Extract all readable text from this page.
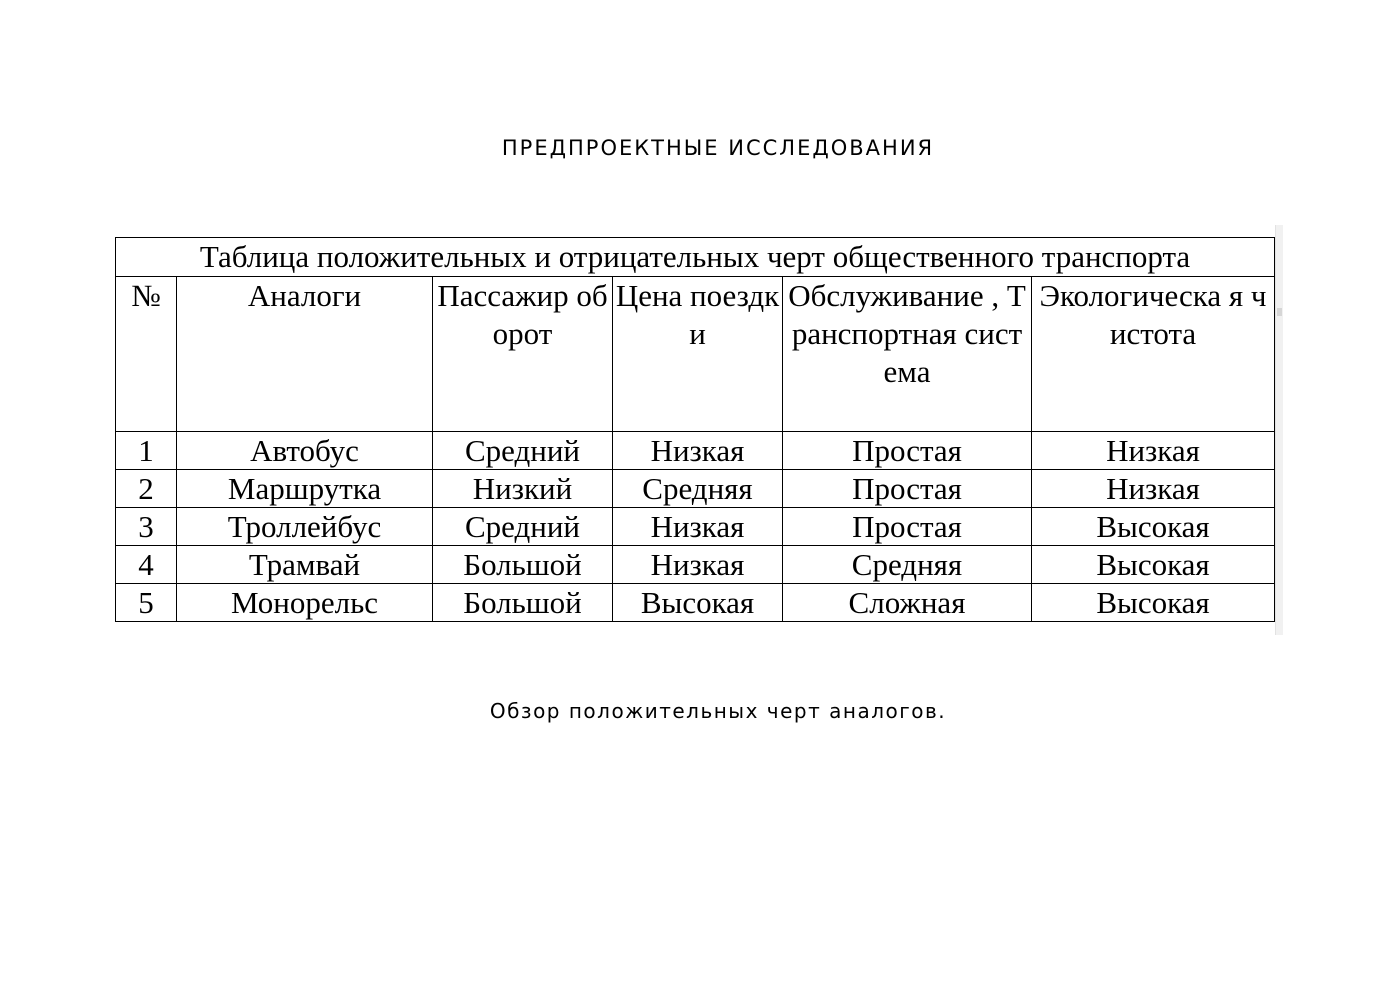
ПРЕДПРОЕКТНЫЕ ИССЛЕДОВАНИЯ
Таблица положительных и отрицательных черт общественного транспорта					
№	Аналоги	Пассажир оборот	Цена поездки	Обслуживание , Транспортная система	Экологическа я чистота
1	Автобус	Средний	Низкая	Простая	Низкая
2	Маршрутка	Низкий	Средняя	Простая	Низкая
3	Троллейбус	Средний	Низкая	Простая	Высокая
4	Трамвай	Большой	Низкая	Средняя	Высокая
5	Монорельс	Большой	Высокая	Сложная	Высокая
Обзор положительных черт аналогов.
